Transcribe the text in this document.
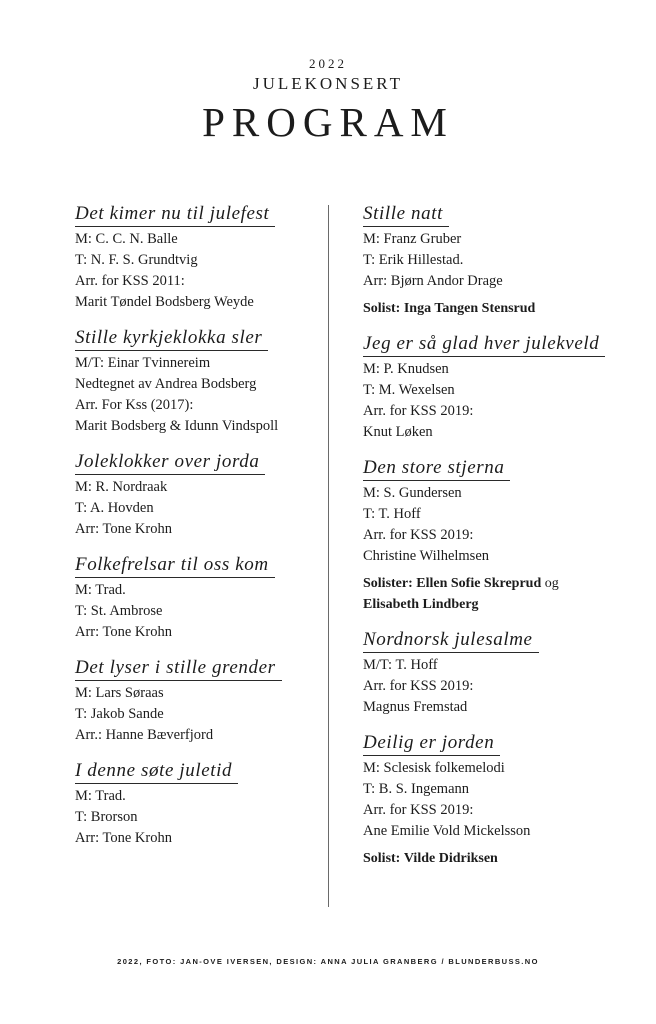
2022
JULEKONSERT
PROGRAM
Det kimer nu til julefest
M: C. C. N. Balle
T: N. F. S. Grundtvig
Arr. for KSS 2011:
Marit Tøndel Bodsberg Weyde
Stille kyrkjeklokka sler
M/T: Einar Tvinnereim
Nedtegnet av Andrea Bodsberg
Arr. For Kss (2017):
Marit Bodsberg & Idunn Vindspoll
Joleklokker over jorda
M: R. Nordraak
T: A. Hovden
Arr: Tone Krohn
Folkefrelsar til oss kom
M: Trad.
T: St. Ambrose
Arr: Tone Krohn
Det lyser i stille grender
M: Lars Søraas
T: Jakob Sande
Arr.: Hanne Bæverfjord
I denne søte juletid
M: Trad.
T: Brorson
Arr: Tone Krohn
Stille natt
M: Franz Gruber
T: Erik Hillestad.
Arr: Bjørn Andor Drage
Solist: Inga Tangen Stensrud
Jeg er så glad hver julekveld
M: P. Knudsen
T: M. Wexelsen
Arr. for KSS 2019:
Knut Løken
Den store stjerna
M: S. Gundersen
T: T. Hoff
Arr. for KSS 2019:
Christine Wilhelmsen
Solister: Ellen Sofie Skreprud og
Elisabeth Lindberg
Nordnorsk julesalme
M/T: T. Hoff
Arr. for KSS 2019:
Magnus Fremstad
Deilig er jorden
M: Sclesisk folkemelodi
T: B. S. Ingemann
Arr. for KSS 2019:
Ane Emilie Vold Mickelsson
Solist: Vilde Didriksen
2022, FOTO: JAN-OVE IVERSEN, DESIGN: ANNA JULIA GRANBERG / BLUNDERBUSS.NO
